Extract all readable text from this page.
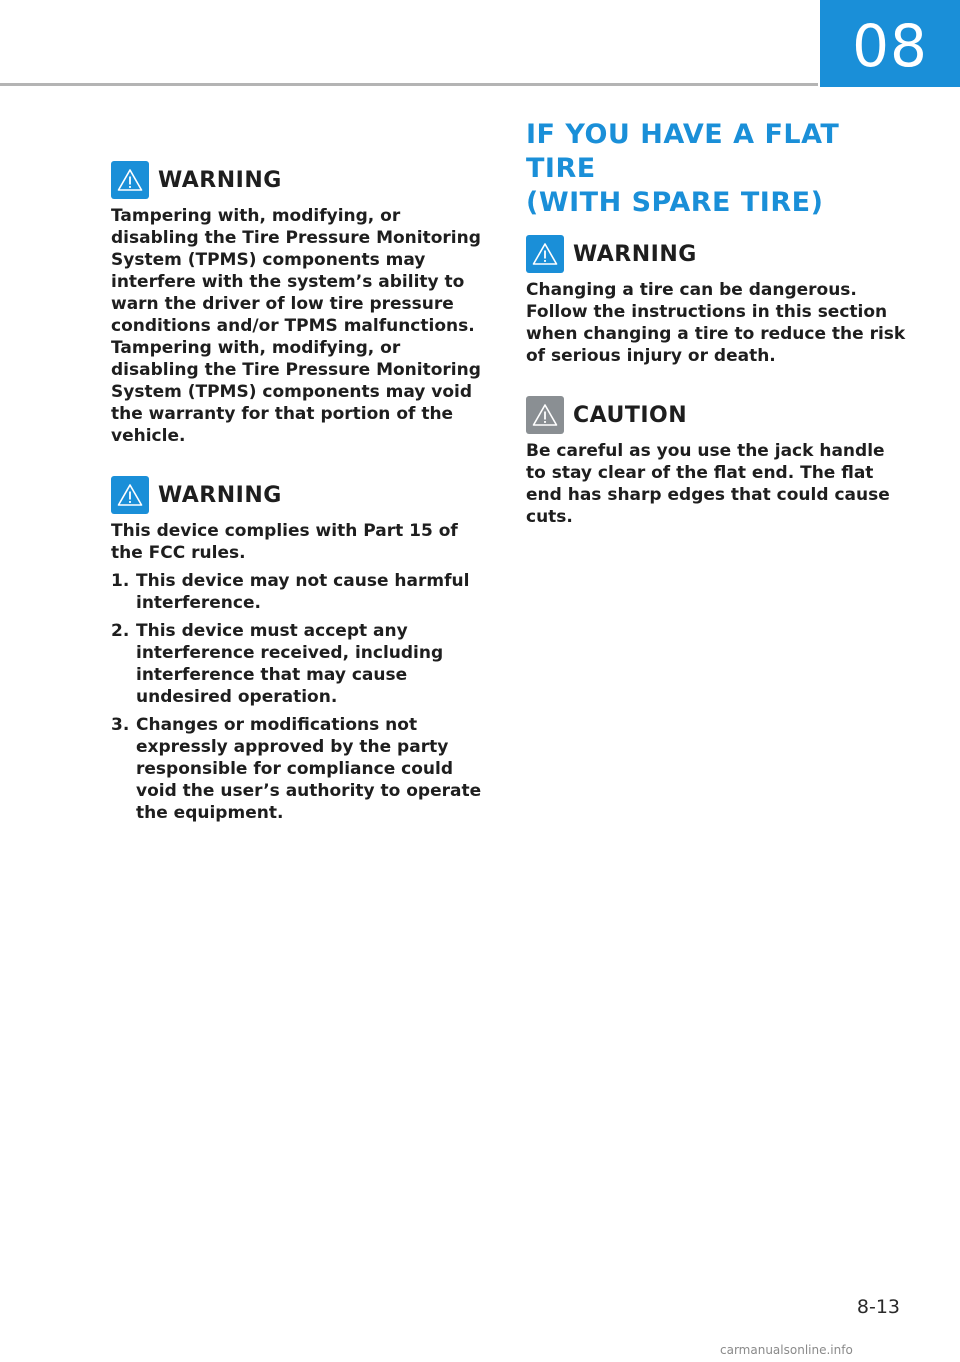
08
WARNING

Tampering with, modifying, or disabling the Tire Pressure Monitoring System (TPMS) components may interfere with the system’s ability to warn the driver of low tire pressure conditions and/or TPMS malfunctions. Tampering with, modifying, or disabling the Tire Pressure Monitoring System (TPMS) components may void the warranty for that portion of the vehicle.

WARNING

This device complies with Part 15 of the FCC rules.

1. This device may not cause harmful interference.
2. This device must accept any interference received, including interference that may cause undesired operation.
3. Changes or modifications not expressly approved by the party responsible for compliance could void the user’s authority to operate the equipment.
IF YOU HAVE A FLAT TIRE
(WITH SPARE TIRE)
WARNING

Changing a tire can be dangerous. Follow the instructions in this section when changing a tire to reduce the risk of serious injury or death.

CAUTION

Be careful as you use the jack handle to stay clear of the flat end. The flat end has sharp edges that could cause cuts.

8-13
carmanualsonline.info
